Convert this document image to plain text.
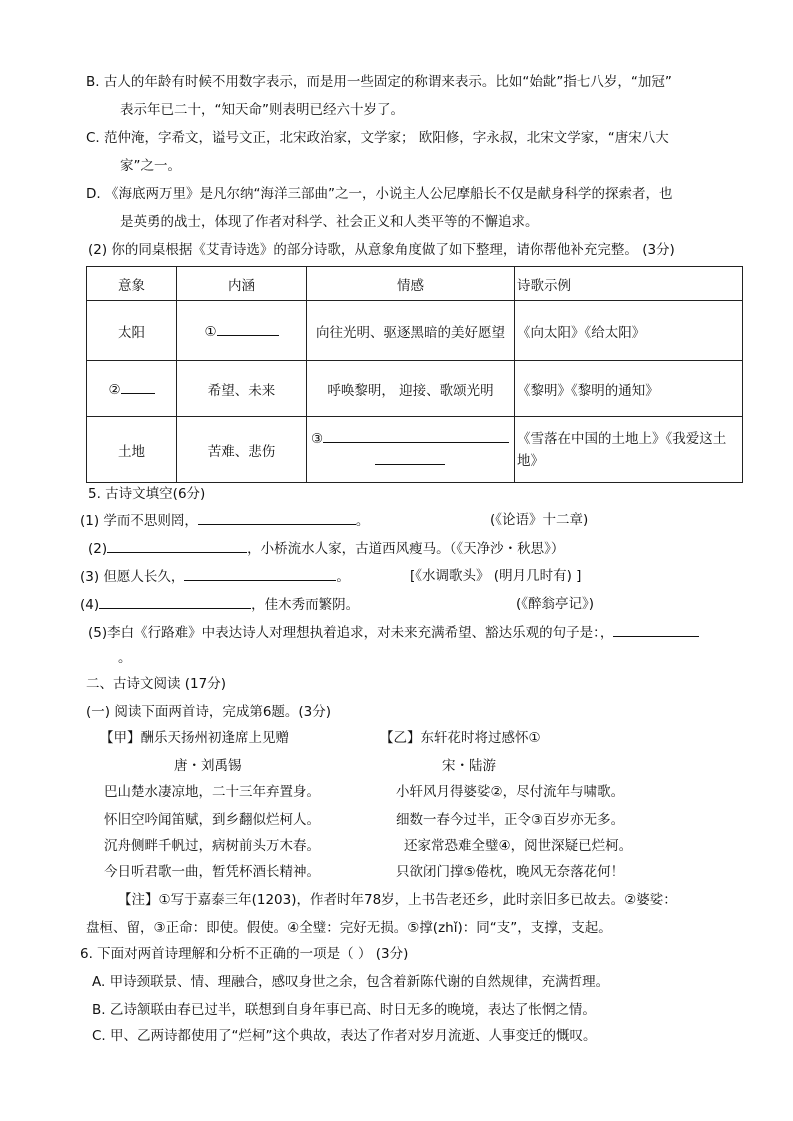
B. 古人的年龄有时候不用数字表示，而是用一些固定的称谓来表示。比如“始龀”指七八岁，“加冠”
表示年已二十，“知天命”则表明已经六十岁了。
C. 范仲淹，字希文，谥号文正，北宋政治家，文学家； 欧阳修，字永叔，北宋文学家，“唐宋八大
家”之一。
D. 《海底两万里》是凡尔纳“海洋三部曲”之一，小说主人公尼摩船长不仅是献身科学的探索者，也
是英勇的战士，体现了作者对科学、社会正义和人类平等的不懈追求。
(2) 你的同桌根据《艾青诗选》的部分诗歌，从意象角度做了如下整理，请你帮他补充完整。 (3分)
意象	内涵	情感	诗歌示例
太阳	①	向往光明、驱逐黑暗的美好愿望	《向太阳》《给太阳》
②	希望、未来	呼唤黎明， 迎接、歌颂光明	《黎明》《黎明的通知》
土地	苦难、悲伤	③	《雪落在中国的土地上》《我爱这土
地》
5. 古诗文填空(6分)
(1) 学而不思则罔，	。	(《论语》十二章)
(2)	，小桥流水人家，古道西风瘦马。（《天净沙・秋思》）
(3) 但愿人长久，	。	[《水调歌头》 (明月几时有) ]
(4)	，佳木秀而繁阴。	(《醉翁亭记》)
(5)李白《行路难》中表达诗人对理想执着追求，对未来充满希望、豁达乐观的句子是：，
。
二、古诗文阅读 (17分)
(一) 阅读下面两首诗，完成第6题。(3分)
【甲】酬乐天扬州初逢席上见赠
唐・刘禹锡
巴山楚水凄凉地，二十三年弃置身。
怀旧空吟闻笛赋，到乡翻似烂柯人。
沉舟侧畔千帆过，病树前头万木春。
今日听君歌一曲，暂凭杯酒长精神。
【乙】东轩花时将过感怀①
宋・陆游
小轩风月得婆娑②，尽付流年与啸歌。
细数一春今过半，正令③百岁亦无多。
还家常恐难全璧④，阅世深疑已烂柯。
只欲闭门撑⑤倦枕，晚风无奈落花何！
【注】①写于嘉泰三年(1203)，作者时年78岁，上书告老还乡，此时亲旧多已故去。②婆娑：
盘桓、留，③正命：即使。假使。④全璧：完好无损。⑤撑(zhǐ)：同“支”，支撑，支起。
6. 下面对两首诗理解和分析不正确的一项是（ ） (3分)
A. 甲诗颈联景、情、理融合，感叹身世之余，包含着新陈代谢的自然规律，充满哲理。
B. 乙诗颔联由春已过半，联想到自身年事已高、时日无多的晚境，表达了怅惘之情。
C. 甲、乙两诗都使用了“烂柯”这个典故，表达了作者对岁月流逝、人事变迁的慨叹。
